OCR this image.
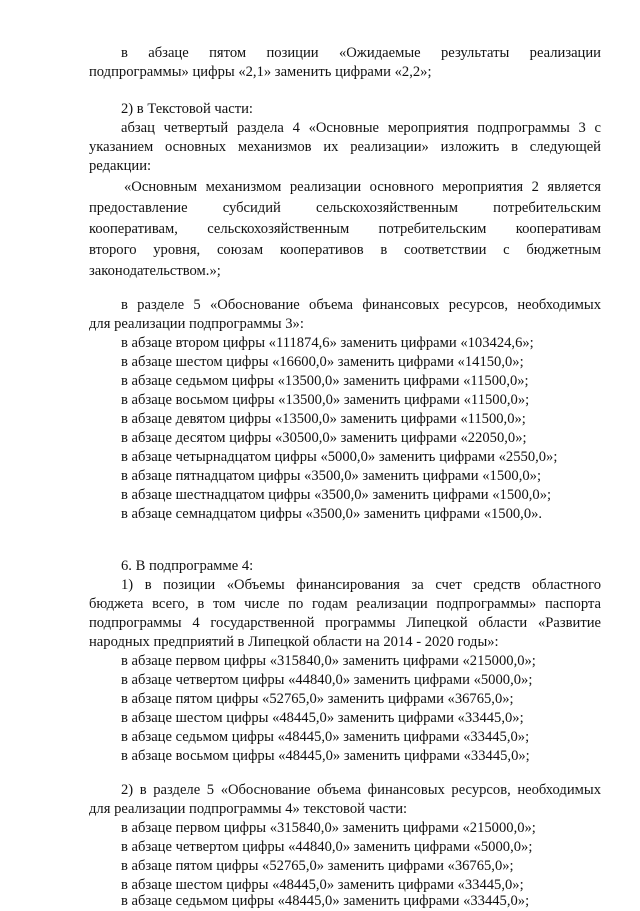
в абзаце пятом позиции «Ожидаемые результаты реализации

подпрограммы» цифры «2,1» заменить цифрами «2,2»;

2) в Текстовой части:

абзац четвертый раздела 4 «Основные мероприятия подпрограммы 3 с

указанием основных механизмов их реализации» изложить в следующей

редакции:

«Основным механизмом реализации основного мероприятия 2 является

предоставление субсидий сельскохозяйственным потребительским

кооперативам, сельскохозяйственным потребительским кооперативам

второго уровня, союзам кооперативов в соответствии с бюджетным

законодательством.»;

в разделе 5 «Обоснование объема финансовых ресурсов, необходимых

для реализации подпрограммы 3»:

в абзаце втором цифры «111874,6» заменить цифрами «103424,6»;

в абзаце шестом цифры «16600,0» заменить цифрами «14150,0»;

в абзаце седьмом цифры «13500,0» заменить цифрами «11500,0»;

в абзаце восьмом цифры «13500,0» заменить цифрами «11500,0»;

в абзаце девятом цифры «13500,0» заменить цифрами «11500,0»;

в абзаце десятом цифры «30500,0» заменить цифрами «22050,0»;

в абзаце четырнадцатом цифры «5000,0» заменить цифрами «2550,0»;

в абзаце пятнадцатом цифры «3500,0» заменить цифрами «1500,0»;

в абзаце шестнадцатом цифры «3500,0» заменить цифрами «1500,0»;

в абзаце семнадцатом цифры «3500,0» заменить цифрами «1500,0».

6. В подпрограмме 4:

1) в позиции «Объемы финансирования за счет средств областного

бюджета всего, в том числе по годам реализации подпрограммы» паспорта

подпрограммы 4 государственной программы Липецкой области «Развитие

народных предприятий в Липецкой области на 2014 - 2020 годы»:

в абзаце первом цифры «315840,0» заменить цифрами «215000,0»;

в абзаце четвертом цифры «44840,0» заменить цифрами «5000,0»;

в абзаце пятом цифры «52765,0» заменить цифрами «36765,0»;

в абзаце шестом цифры «48445,0» заменить цифрами «33445,0»;

в абзаце седьмом цифры «48445,0» заменить цифрами «33445,0»;

в абзаце восьмом цифры «48445,0» заменить цифрами «33445,0»;

2) в разделе 5 «Обоснование объема финансовых ресурсов, необходимых

для реализации подпрограммы 4» текстовой части:

в абзаце первом цифры «315840,0» заменить цифрами «215000,0»;

в абзаце четвертом цифры «44840,0» заменить цифрами «5000,0»;

в абзаце пятом цифры «52765,0» заменить цифрами «36765,0»;

в абзаце шестом цифры «48445,0» заменить цифрами «33445,0»;

в абзаце седьмом цифры «48445,0» заменить цифрами «33445,0»;
